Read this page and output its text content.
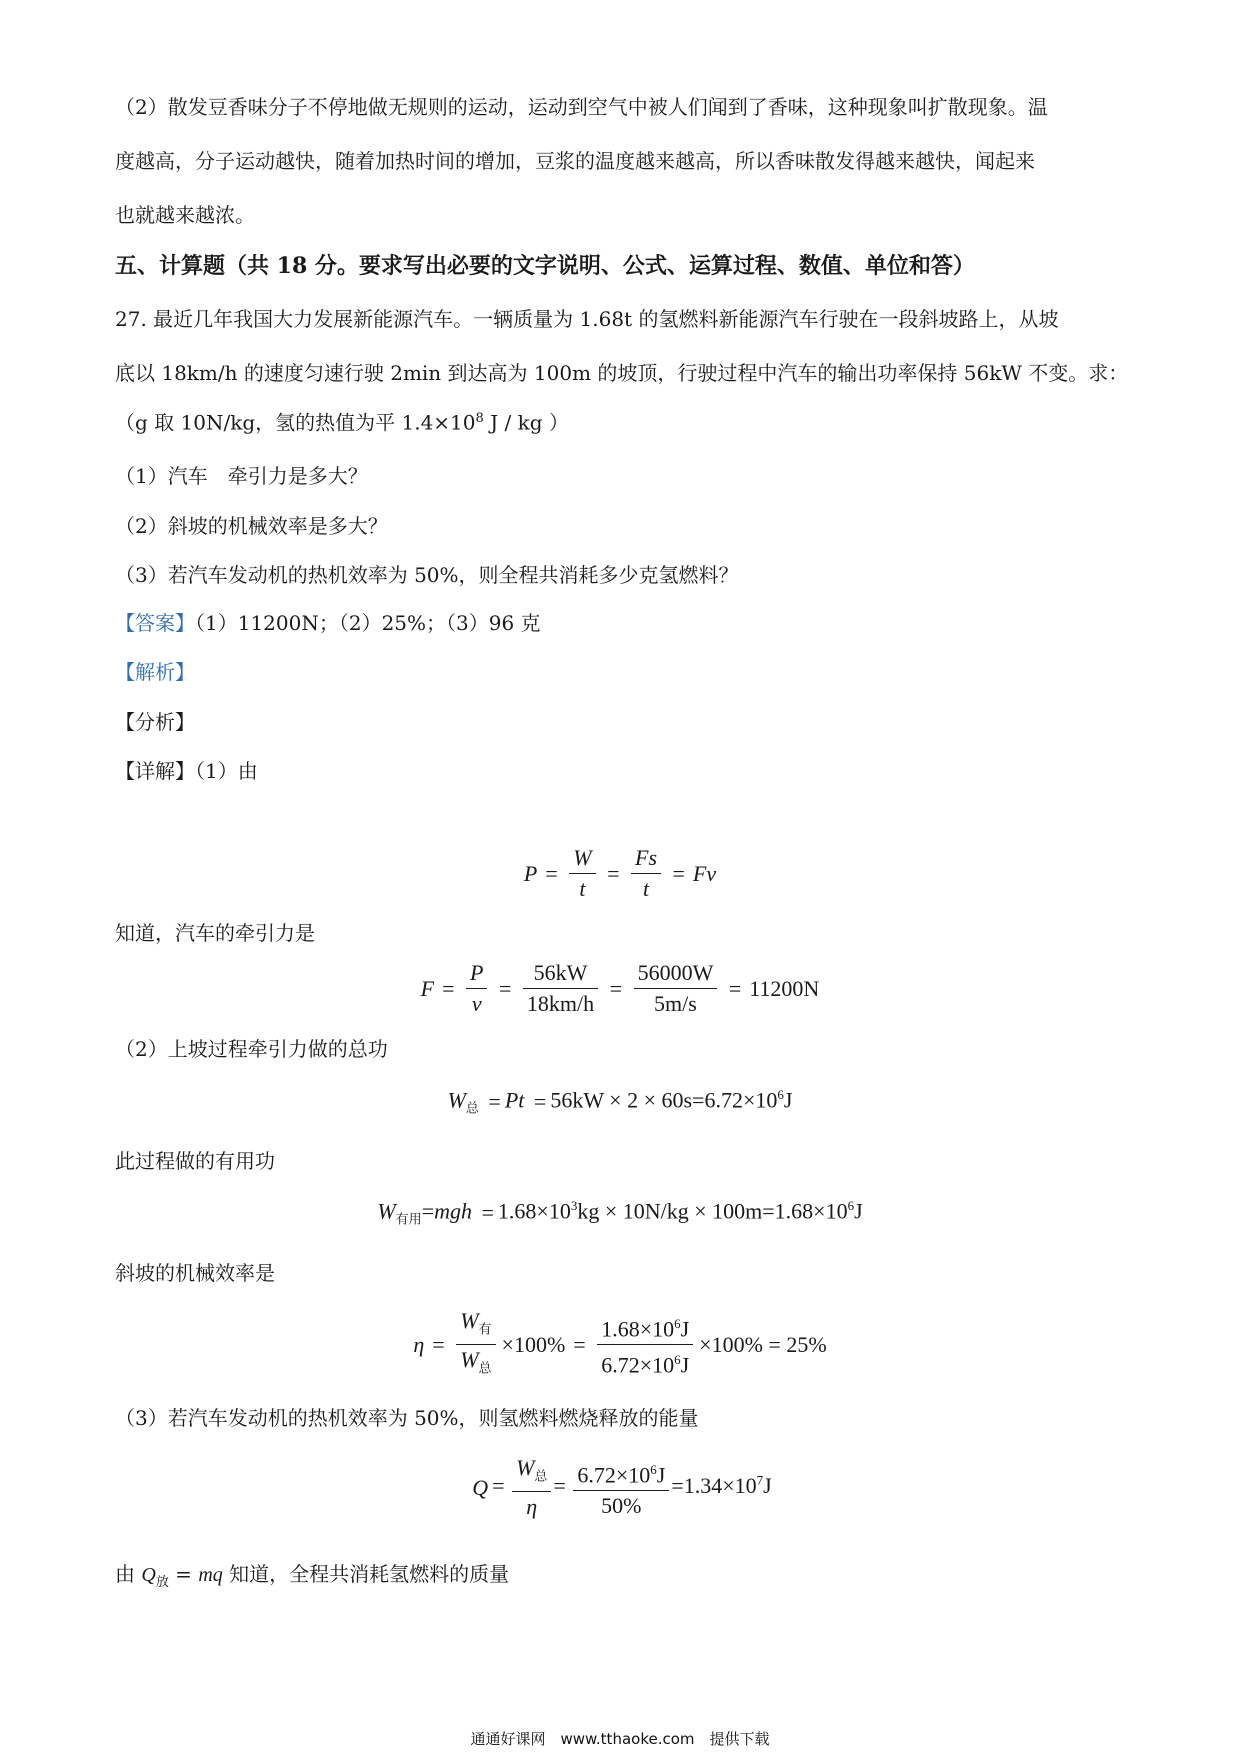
（2）散发豆香味分子不停地做无规则的运动，运动到空气中被人们闻到了香味，这种现象叫扩散现象。温
度越高，分子运动越快，随着加热时间的增加，豆浆的温度越来越高，所以香味散发得越来越快，闻起来
也就越来越浓。
五、计算题（共 18 分。要求写出必要的文字说明、公式、运算过程、数值、单位和答）
27. 最近几年我国大力发展新能源汽车。一辆质量为 1.68t 的氢燃料新能源汽车行驶在一段斜坡路上，从坡
底以 18km/h 的速度匀速行驶 2min 到达高为 100m 的坡顶，行驶过程中汽车的输出功率保持 56kW 不变。求：
（g 取 10N/kg，氢的热值为平 $1.4\times 10^8$ J / kg ）
（1）汽车　牵引力是多大？
（2）斜坡的机械效率是多大？
（3）若汽车发动机的热机效率为 50%，则全程共消耗多少克氢燃料？
【答案】（1）11200N；（2）25%；（3）96 克
【解析】
【分析】
【详解】（1）由
$P = \frac{W}{t} = \frac{Fs}{t} = Fv$
知道，汽车的牵引力是
$F = \frac{P}{v} = \frac{56kW}{18km/h} = \frac{56000W}{5m/s} = 11200N$
（2）上坡过程牵引力做的总功
$W_总 = Pt = 56kW \times 2 \times 60s=6.72\times 10^6J$
此过程做的有用功
$W_{有用}=mgh = 1.68\times 10^3kg \times 10N/kg \times 100m=1.68\times 10^6J$
斜坡的机械效率是
$\eta = \frac{W_有}{W_总} \times 100\% = \frac{1.68\times 10^6J}{6.72\times 10^6J} \times 100\% = 25\%$
（3）若汽车发动机的热机效率为 50%，则氢燃料燃烧释放的能量
$Q = \frac{W_总}{\eta} = \frac{6.72\times 10^6J}{50\%} =1.34\times 10^7J$
由 $Q_放$ = mq 知道，全程共消耗氢燃料的质量
通通好课网　www.tthaoke.com　提供下载
